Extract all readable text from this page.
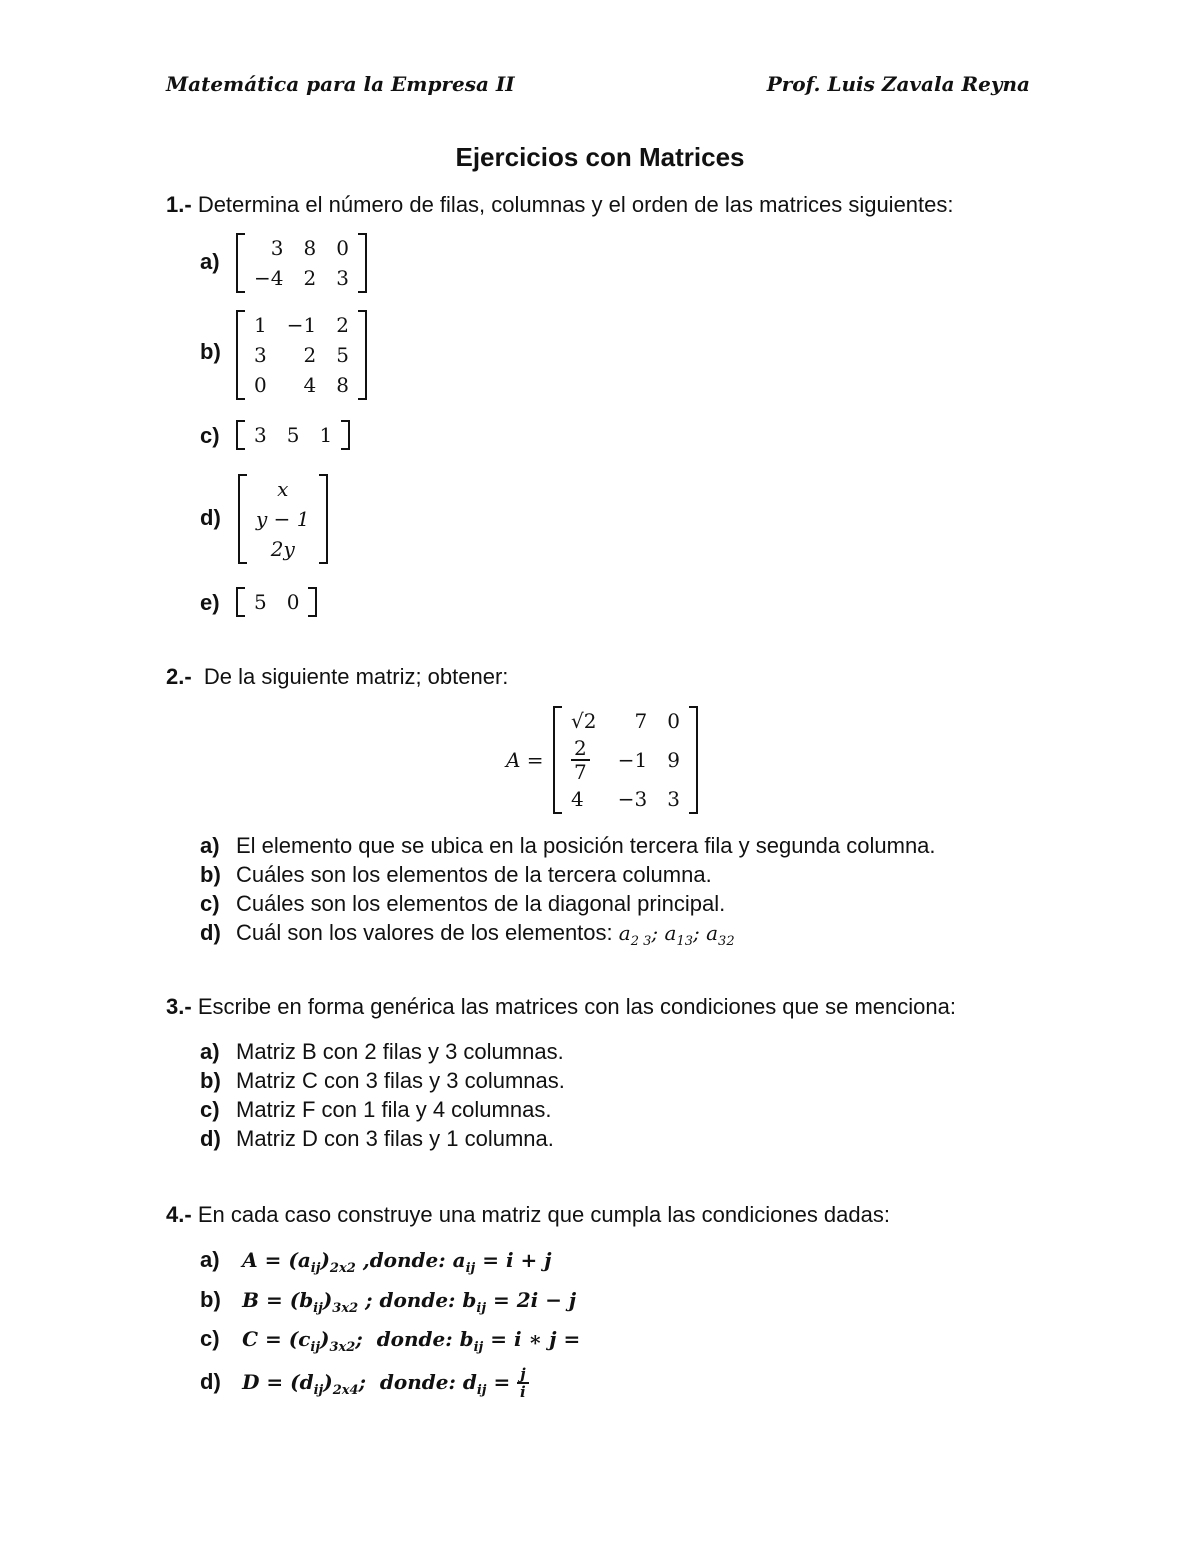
Matemática para la Empresa II	Prof. Luis Zavala Reyna
Ejercicios con Matrices
1.- Determina el número de filas, columnas y el orden de las matrices siguientes:
a)
3	8	0
−4	2	3
b)
1	−1	2
3	2	5
0	4	8
c) 3	5	1
d)
x
y − 1
2y
e) 5	0
2.- De la siguiente matriz; obtener:
A =
√2	7	0

$\frac{2}{7}$	−1	9
4	−3	3
a) El elemento que se ubica en la posición tercera fila y segunda columna.
b) Cuáles son los elementos de la tercera columna.
c) Cuáles son los elementos de la diagonal principal.
d) Cuál son los valores de los elementos: $a_{2 3}$; $a_{13}$; $a_{32}$
3.- Escribe en forma genérica las matrices con las condiciones que se menciona:
a) Matriz B con 2 filas y 3 columnas.
b) Matriz C con 3 filas y 3 columnas.
c) Matriz F con 1 fila y 4 columnas.
d) Matriz D con 3 filas y 1 columna.
4.- En cada caso construye una matriz que cumpla las condiciones dadas:
a) $A = (a_{ij})_{2x2}$ ,donde: $a_{ij} = i + j$
b) $B = (b_{ij})_{3x2}$ ; donde: $b_{ij} = 2i - j$
c) $C = (c_{ij})_{3x2}$; donde: $b_{ij} = i$ ∗ j =
d) $D = (d_{ij})_{2x4}$; donde: $d_{ij} = \frac{j}{i}$
